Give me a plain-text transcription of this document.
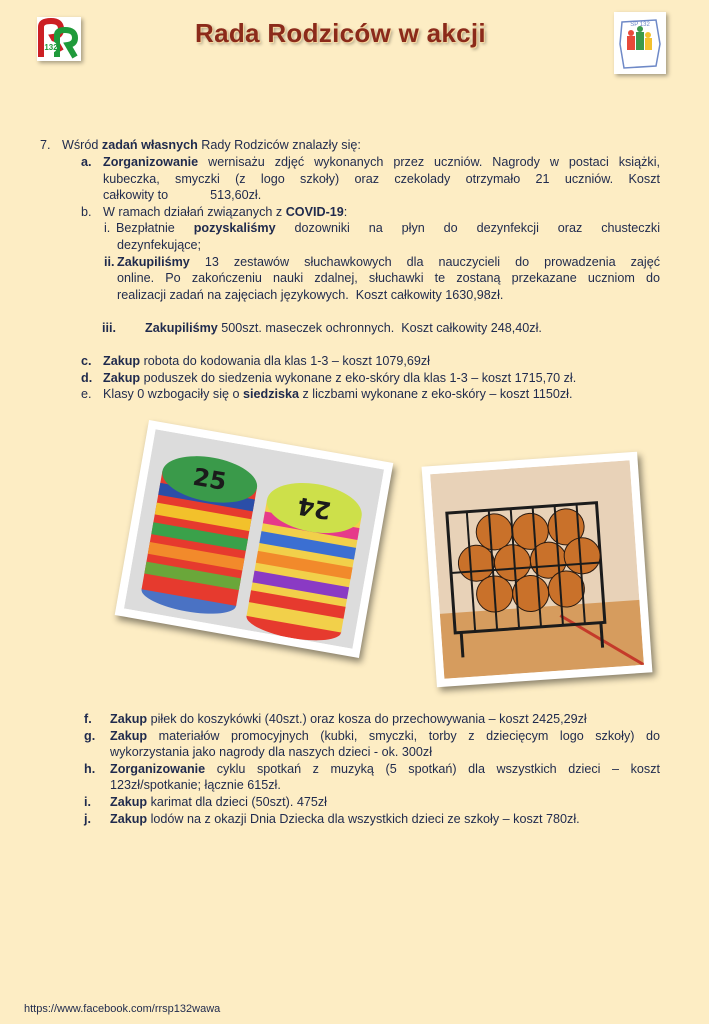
132	Rada Rodziców w akcji	SP 132
7. Wśród zadań własnych Rady Rodziców znalazły się:
a. Zorganizowanie wernisażu zdjęć wykonanych przez uczniów. Nagrody w postaci książki,
kubeczka, smyczki (z logo szkoły) oraz czekolady otrzymało 21 uczniów. Koszt
całkowity to            513,60zł.
b. W ramach działań związanych z COVID-19:
i. Bezpłatnie pozyskaliśmy dozowniki na płyn do dezynfekcji oraz chusteczki
dezynfekujące;
ii. Zakupiliśmy 13 zestawów słuchawkowych dla nauczycieli do prowadzenia zajęć
online. Po zakończeniu nauki zdalnej, słuchawki te zostaną przekazane uczniom do
realizacji zadań na zajęciach językowych.  Koszt całkowity 1630,98zł.

iii. Zakupiliśmy 500szt. maseczek ochronnych.  Koszt całkowity 248,40zł.

c. Zakup robota do kodowania dla klas 1-3 – koszt 1079,69zł
d. Zakup poduszek do siedzenia wykonane z eko-skóry dla klas 1-3 – koszt 1715,70 zł.
e. Klasy 0 wzbogaciły się o siedziska z liczbami wykonane z eko-skóry – koszt 1150zł.
25
24
f. Zakup piłek do koszykówki (40szt.) oraz kosza do przechowywania – koszt 2425,29zł
g. Zakup materiałów promocyjnych (kubki, smyczki, torby z dziecięcym logo szkoły) do
wykorzystania jako nagrody dla naszych dzieci - ok. 300zł
h. Zorganizowanie cyklu spotkań z muzyką (5 spotkań) dla wszystkich dzieci – koszt
123zł/spotkanie; łącznie 615zł.
i. Zakup karimat dla dzieci (50szt). 475zł
j. Zakup lodów na z okazji Dnia Dziecka dla wszystkich dzieci ze szkoły – koszt 780zł.
https://www.facebook.com/rrsp132wawa
